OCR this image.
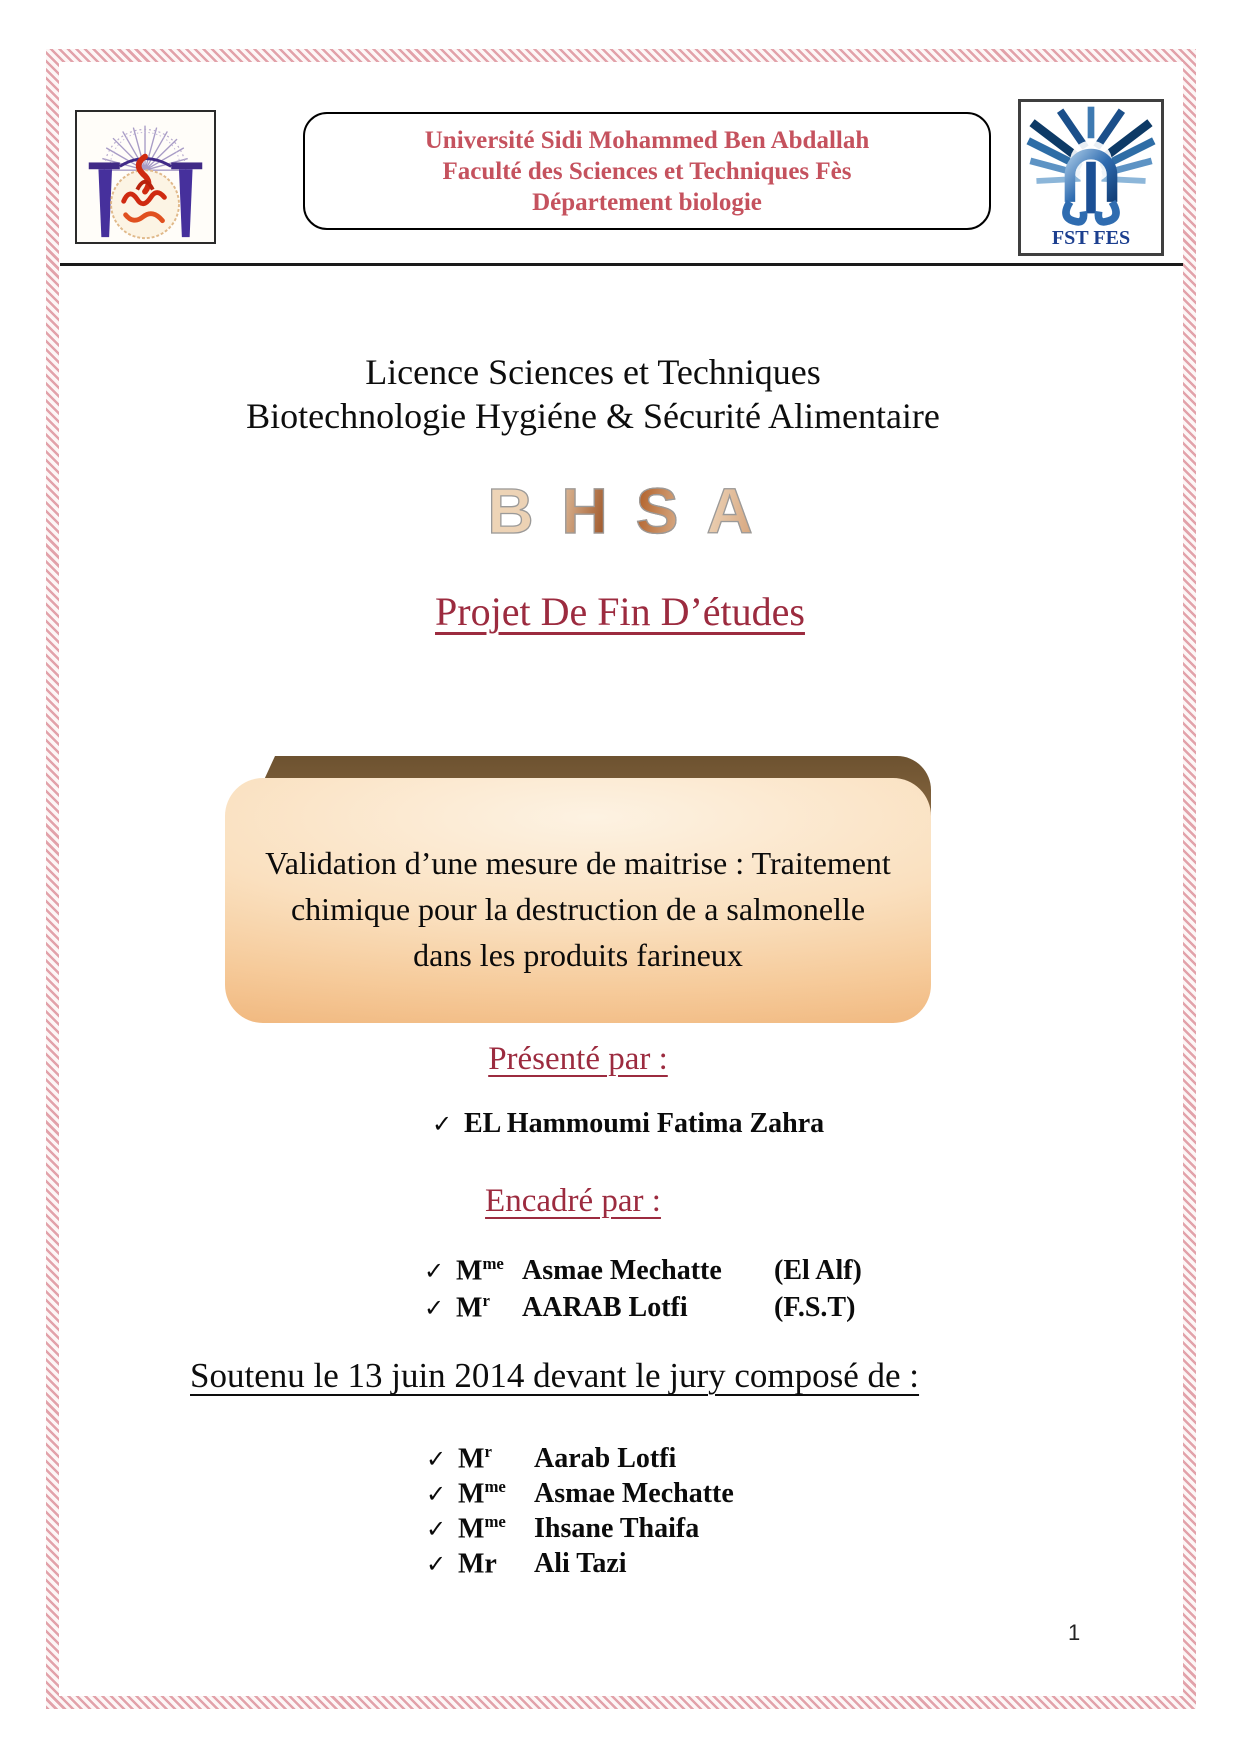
Université Sidi Mohammed Ben Abdallah
Faculté des Sciences et Techniques Fès
Département biologie
FST FES
Licence Sciences et Techniques
Biotechnologie Hygiéne & Sécurité Alimentaire
BHSA
Projet De Fin D’études
Validation d’une mesure de maitrise : Traitement
chimique pour la destruction de a salmonelle
dans les produits farineux
Présenté par :
✓ EL Hammoumi Fatima Zahra
Encadré par :
✓ $M^{me}$ Asmae Mechatte	(El Alf)
✓ $M^r$	AARAB Lotfi	(F.S.T)
Soutenu le 13 juin 2014 devant le jury composé de :
✓ $M^r$	Aarab Lotfi
✓ $M^{me}$	Asmae Mechatte
✓ $M^{me}$	Ihsane Thaifa
✓ Mr	Ali Tazi
1
